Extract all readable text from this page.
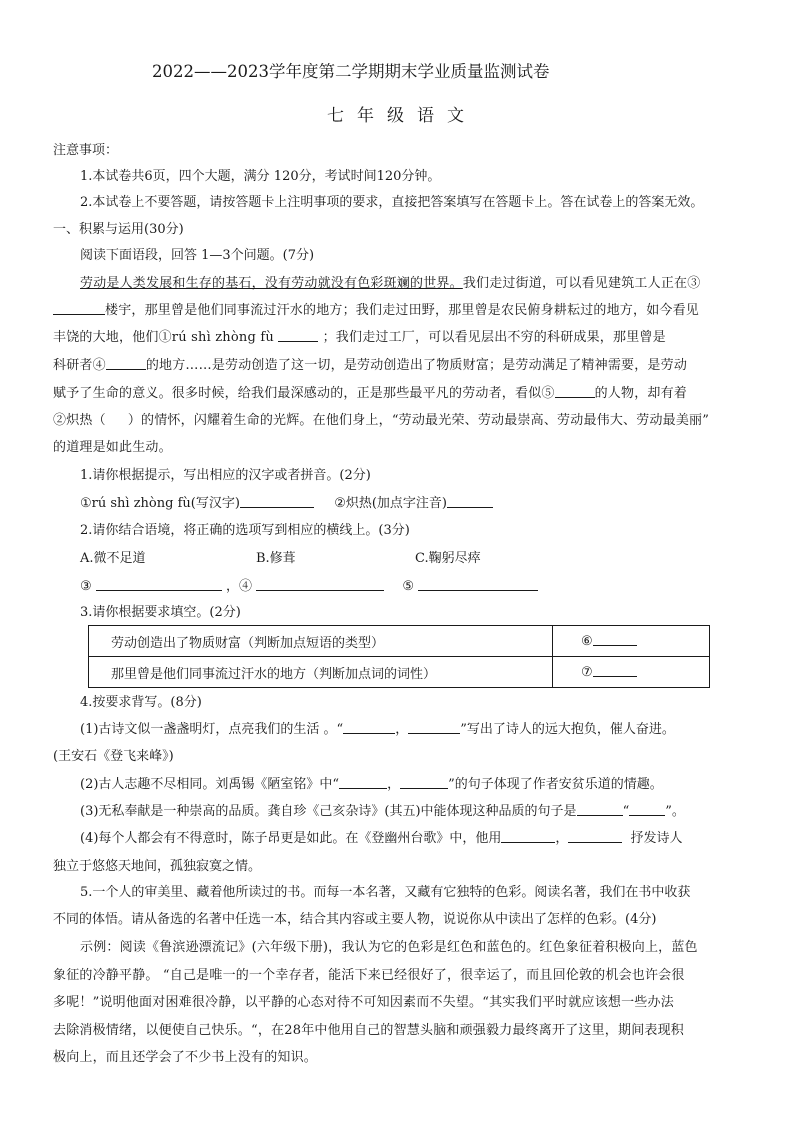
2022——2023学年度第二学期期末学业质量监测试卷
七年级语文
注意事项：
1.本试卷共6页，四个大题，满分 120分，考试时间120分钟。
2.本试卷上不要答题，请按答题卡上注明事项的要求，直接把答案填写在答题卡上。答在试卷上的答案无效。
一、积累与运用(30分)
阅读下面语段，回答 1—3个问题。(7分)
劳动是人类发展和生存的基石，没有劳动就没有色彩斑斓的世界。我们走过街道，可以看见建筑工人正在③
楼宇，那里曾是他们同事流过汗水的地方；我们走过田野，那里曾是农民俯身耕耘过的地方，如今看见
丰饶的大地，他们①rú shì zhòng fù	；我们走过工厂，可以看见层出不穷的科研成果，那里曾是
科研者④	的地方……是劳动创造了这一切，是劳动创造出了物质财富；是劳动满足了精神需要，是劳动
赋予了生命的意义。很多时候，给我们最深感动的，正是那些最平凡的劳动者，看似⑤	的人物，却有着
②炽热（ ）的情怀，闪耀着生命的光辉。在他们身上，“劳动最光荣、劳动最崇高、劳动最伟大、劳动最美丽”
的道理是如此生动。
1.请你根据提示，写出相应的汉字或者拼音。(2分)
①rú shì zhòng fù(写汉字)	②炽热(加点字注音)
2.请你结合语境，将正确的选项写到相应的横线上。(3分)
A.微不足道	B.修葺	C.鞠躬尽瘁
③	，④	⑤
3.请你根据要求填空。(2分)
劳动创造出了物质财富（判断加点短语的类型）	⑥
那里曾是他们同事流过汗水的地方（判断加点词的词性）	⑦
4.按要求背写。(8分)
(1)古诗文似一盏盏明灯，点亮我们的生活 。“	，	”写出了诗人的远大抱负，催人奋进。
(王安石《登飞来峰》)
(2)古人志趣不尽相同。刘禹锡《陋室铭》中“	，	”的句子体现了作者安贫乐道的情趣。
(3)无私奉献是一种崇高的品质。龚自珍《己亥杂诗》(其五)中能体现这种品质的句子是	“	”。
(4)每个人都会有不得意时，陈子昂更是如此。在《登幽州台歌》中，他用	，	抒发诗人
独立于悠悠天地间，孤独寂寞之情。
5.一个人的审美里、藏着他所读过的书。而每一本名著，又藏有它独特的色彩。阅读名著，我们在书中收获
不同的体悟。请从备选的名著中任选一本，结合其内容或主要人物，说说你从中读出了怎样的色彩。(4分)
示例：阅读《鲁滨逊漂流记》(六年级下册)，我认为它的色彩是红色和蓝色的。红色象征着积极向上，蓝色
象征的冷静平静。 “自己是唯一的一个幸存者，能活下来已经很好了，很幸运了，而且回伦敦的机会也许会很
多呢！”说明他面对困难很冷静，以平静的心态对待不可知因素而不失望。“其实我们平时就应该想一些办法
去除消极情绪，以便使自己快乐。“，在28年中他用自己的智慧头脑和顽强毅力最终离开了这里，期间表现积
极向上，而且还学会了不少书上没有的知识。
